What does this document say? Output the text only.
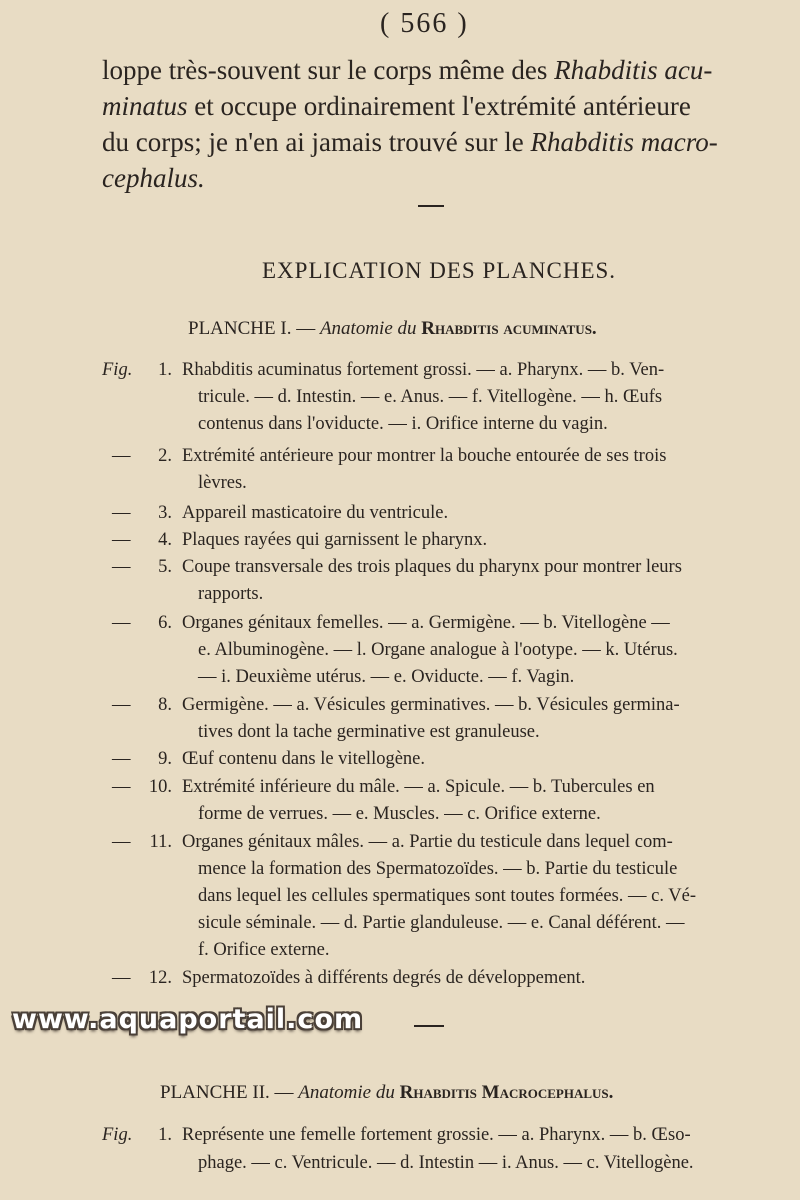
( 566 )
loppe très-souvent sur le corps même des Rhabditis acu-
minatus et occupe ordinairement l'extrémité antérieure
du corps; je n'en ai jamais trouvé sur le Rhabditis macro-
cephalus.
EXPLICATION DES PLANCHES.
PLANCHE I. — Anatomie du Rhabditis acuminatus.
Fig.	1. Rhabditis acuminatus fortement grossi. — a. Pharynx. — b. Ven-
tricule. — d. Intestin. — e. Anus. — f. Vitellogène. — h. Œufs
contenus dans l'oviducte. — i. Orifice interne du vagin.
—	2. Extrémité antérieure pour montrer la bouche entourée de ses trois
lèvres.
—	3. Appareil masticatoire du ventricule.
—	4. Plaques rayées qui garnissent le pharynx.
—	5. Coupe transversale des trois plaques du pharynx pour montrer leurs
rapports.
—	6. Organes génitaux femelles. — a. Germigène. — b. Vitellogène —
e. Albuminogène. — l. Organe analogue à l'ootype. — k. Utérus.
— i. Deuxième utérus. — e. Oviducte. — f. Vagin.
—	8. Germigène. — a. Vésicules germinatives. — b. Vésicules germina-
tives dont la tache germinative est granuleuse.
—	9. Œuf contenu dans le vitellogène.
— 10. Extrémité inférieure du mâle. — a. Spicule. — b. Tubercules en
forme de verrues. — e. Muscles. — c. Orifice externe.
—	11. Organes génitaux mâles. — a. Partie du testicule dans lequel com-
mence la formation des Spermatozoïdes. — b. Partie du testicule
dans lequel les cellules spermatiques sont toutes formées. — c. Vé-
sicule séminale. — d. Partie glanduleuse. — e. Canal déférent. —
f. Orifice externe.
— 12. Spermatozoïdes à différents degrés de développement.
www.aquaportail.com
PLANCHE II. — Anatomie du Rhabditis Macrocephalus.
Fig.	1. Représente une femelle fortement grossie. — a. Pharynx. — b. Œso-
phage. — c. Ventricule. — d. Intestin — i. Anus. — c. Vitellogène.
